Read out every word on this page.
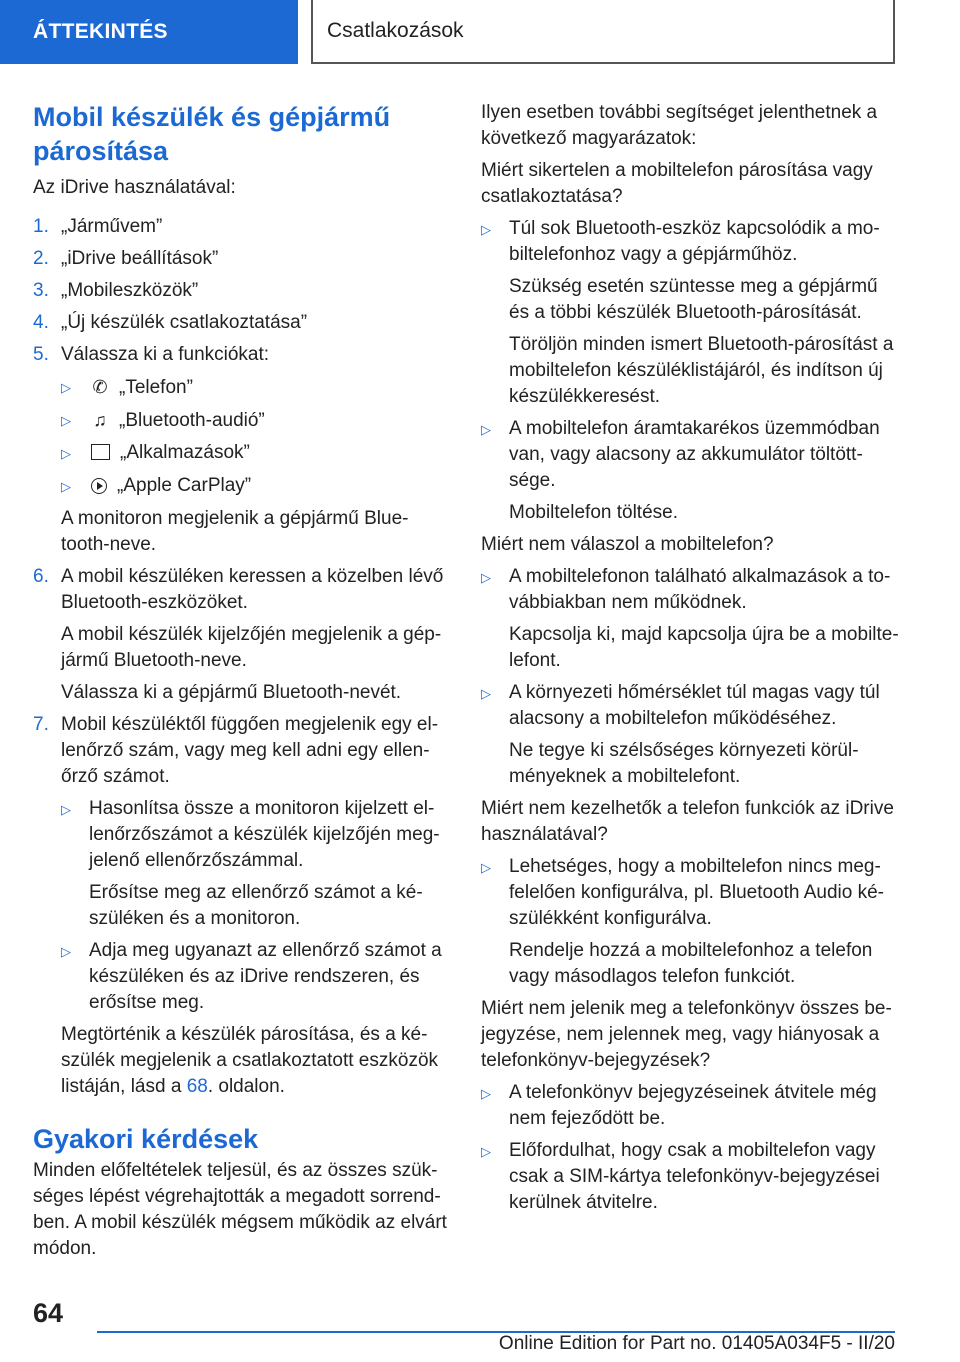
ÁTTEKINTÉS	Csatlakozások
Mobil készülék és gépjármű párosítása

Az iDrive használatával:

1. „Járművem”
2. „iDrive beállítások”
3. „Mobileszközök”
4. „Új készülék csatlakoztatása”
5. Válassza ki a funkciókat:
▷	✆ „Telefon”
▷	♫ „Bluetooth-audió”
▷	„Alkalmazások”
▷	„Apple CarPlay”

A monitoron megjelenik a gépjármű Blue-tooth-neve.

6. A mobil készüléken keressen a közelben lévő Bluetooth-eszközöket.

A mobil készülék kijelzőjén megjelenik a gép-jármű Bluetooth-neve.

Válassza ki a gépjármű Bluetooth-nevét.

7. Mobil készüléktől függően megjelenik egy el-lenőrző szám, vagy meg kell adni egy ellen-őrző számot.
▷ Hasonlítsa össze a monitoron kijelzett el-lenőrzőszámot a készülék kijelzőjén meg-jelenő ellenőrzőszámmal.

Erősítse meg az ellenőrző számot a ké-szüléken és a monitoron.

▷ Adja meg ugyanazt az ellenőrző számot a készüléken és az iDrive rendszeren, és erősítse meg.

Megtörténik a készülék párosítása, és a ké-szülék megjelenik a csatlakoztatott eszközök listáján, lásd a 68. oldalon.

Gyakori kérdések

Minden előfeltételek teljesül, és az összes szük-séges lépést végrehajtották a megadott sorrend-ben. A mobil készülék mégsem működik az elvárt módon.

Ilyen esetben további segítséget jelenthetnek a következő magyarázatok:

Miért sikertelen a mobiltelefon párosítása vagy csatlakoztatása?

▷ Túl sok Bluetooth-eszköz kapcsolódik a mo-biltelefonhoz vagy a gépjárműhöz.

Szükség esetén szüntesse meg a gépjármű és a többi készülék Bluetooth-párosítását.

Töröljön minden ismert Bluetooth-párosítást a mobiltelefon készüléklistájáról, és indítson új készülékkeresést.

▷ A mobiltelefon áramtakarékos üzemmódban van, vagy alacsony az akkumulátor töltött-sége.

Mobiltelefon töltése.

Miért nem válaszol a mobiltelefon?

▷ A mobiltelefonon található alkalmazások a to-vábbiakban nem működnek.

Kapcsolja ki, majd kapcsolja újra be a mobilte-lefont.

▷ A környezeti hőmérséklet túl magas vagy túl alacsony a mobiltelefon működéséhez.

Ne tegye ki szélsőséges környezeti körül-ményeknek a mobiltelefont.

Miért nem kezelhetők a telefon funkciók az iDrive használatával?

▷ Lehetséges, hogy a mobiltelefon nincs meg-felelően konfigurálva, pl. Bluetooth Audio ké-szülékként konfigurálva.

Rendelje hozzá a mobiltelefonhoz a telefon vagy másodlagos telefon funkciót.

Miért nem jelenik meg a telefonkönyv összes be-jegyzése, nem jelennek meg, vagy hiányosak a telefonkönyv-bejegyzések?

▷ A telefonkönyv bejegyzéseinek átvitele még nem fejeződött be.

▷ Előfordulhat, hogy csak a mobiltelefon vagy csak a SIM-kártya telefonkönyv-bejegyzései kerülnek átvitelre.

64
Online Edition for Part no. 01405A034F5 - II/20
